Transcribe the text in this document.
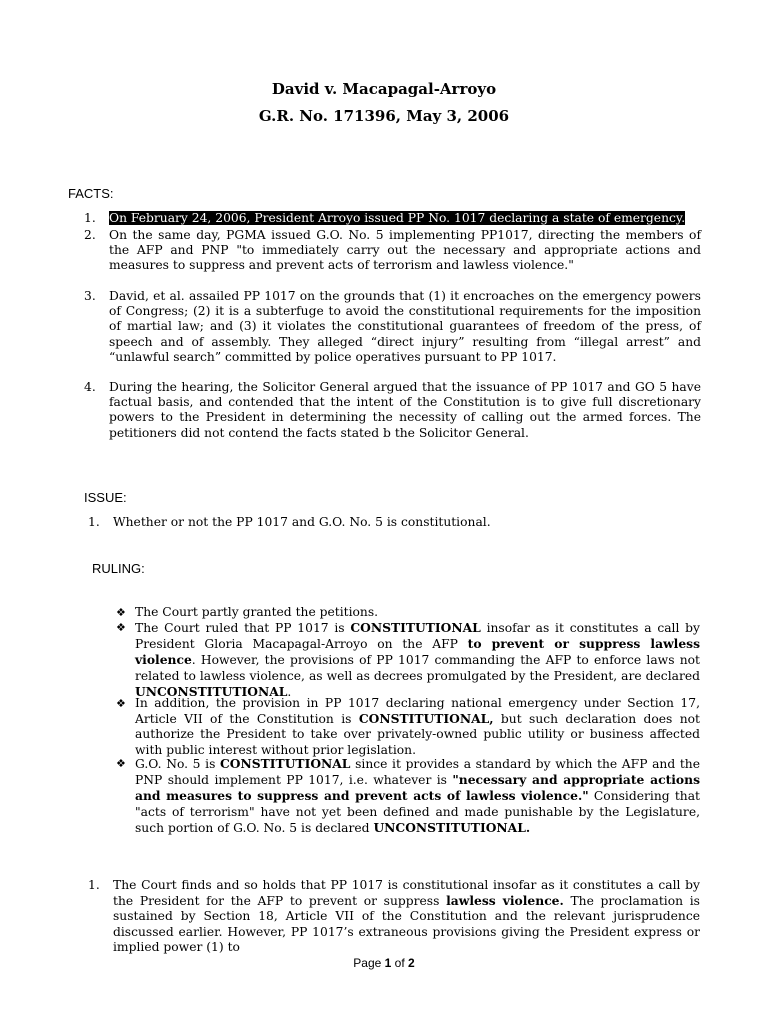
David v. Macapagal-Arroyo
G.R. No. 171396, May 3, 2006
FACTS:
1. On February 24, 2006, President Arroyo issued PP No. 1017 declaring a state of emergency.
2. On the same day, PGMA issued G.O. No. 5 implementing PP1017, directing the members of the AFP and PNP "to immediately carry out the necessary and appropriate actions and measures to suppress and prevent acts of terrorism and lawless violence."
3. David, et al. assailed PP 1017 on the grounds that (1) it encroaches on the emergency powers of Congress; (2) it is a subterfuge to avoid the constitutional requirements for the imposition of martial law; and (3) it violates the constitutional guarantees of freedom of the press, of speech and of assembly. They alleged “direct injury” resulting from “illegal arrest” and “unlawful search” committed by police operatives pursuant to PP 1017.
4. During the hearing, the Solicitor General argued that the issuance of PP 1017 and GO 5 have factual basis, and contended that the intent of the Constitution is to give full discretionary powers to the President in determining the necessity of calling out the armed forces. The petitioners did not contend the facts stated b the Solicitor General.
ISSUE:
1. Whether or not the PP 1017 and G.O. No. 5 is constitutional.
RULING:
❖ The Court partly granted the petitions.
❖ The Court ruled that PP 1017 is CONSTITUTIONAL insofar as it constitutes a call by President Gloria Macapagal-Arroyo on the AFP to prevent or suppress lawless violence. However, the provisions of PP 1017 commanding the AFP to enforce laws not related to lawless violence, as well as decrees promulgated by the President, are declared UNCONSTITUTIONAL.
❖ In addition, the provision in PP 1017 declaring national emergency under Section 17, Article VII of the Constitution is CONSTITUTIONAL, but such declaration does not authorize the President to take over privately-owned public utility or business affected with public interest without prior legislation.
❖ G.O. No. 5 is CONSTITUTIONAL since it provides a standard by which the AFP and the PNP should implement PP 1017, i.e. whatever is "necessary and appropriate actions and measures to suppress and prevent acts of lawless violence." Considering that "acts of terrorism" have not yet been defined and made punishable by the Legislature, such portion of G.O. No. 5 is declared UNCONSTITUTIONAL.
1. The Court finds and so holds that PP 1017 is constitutional insofar as it constitutes a call by the President for the AFP to prevent or suppress lawless violence. The proclamation is sustained by Section 18, Article VII of the Constitution and the relevant jurisprudence discussed earlier. However, PP 1017’s extraneous provisions giving the President express or implied power (1) to
Page 1 of 2
